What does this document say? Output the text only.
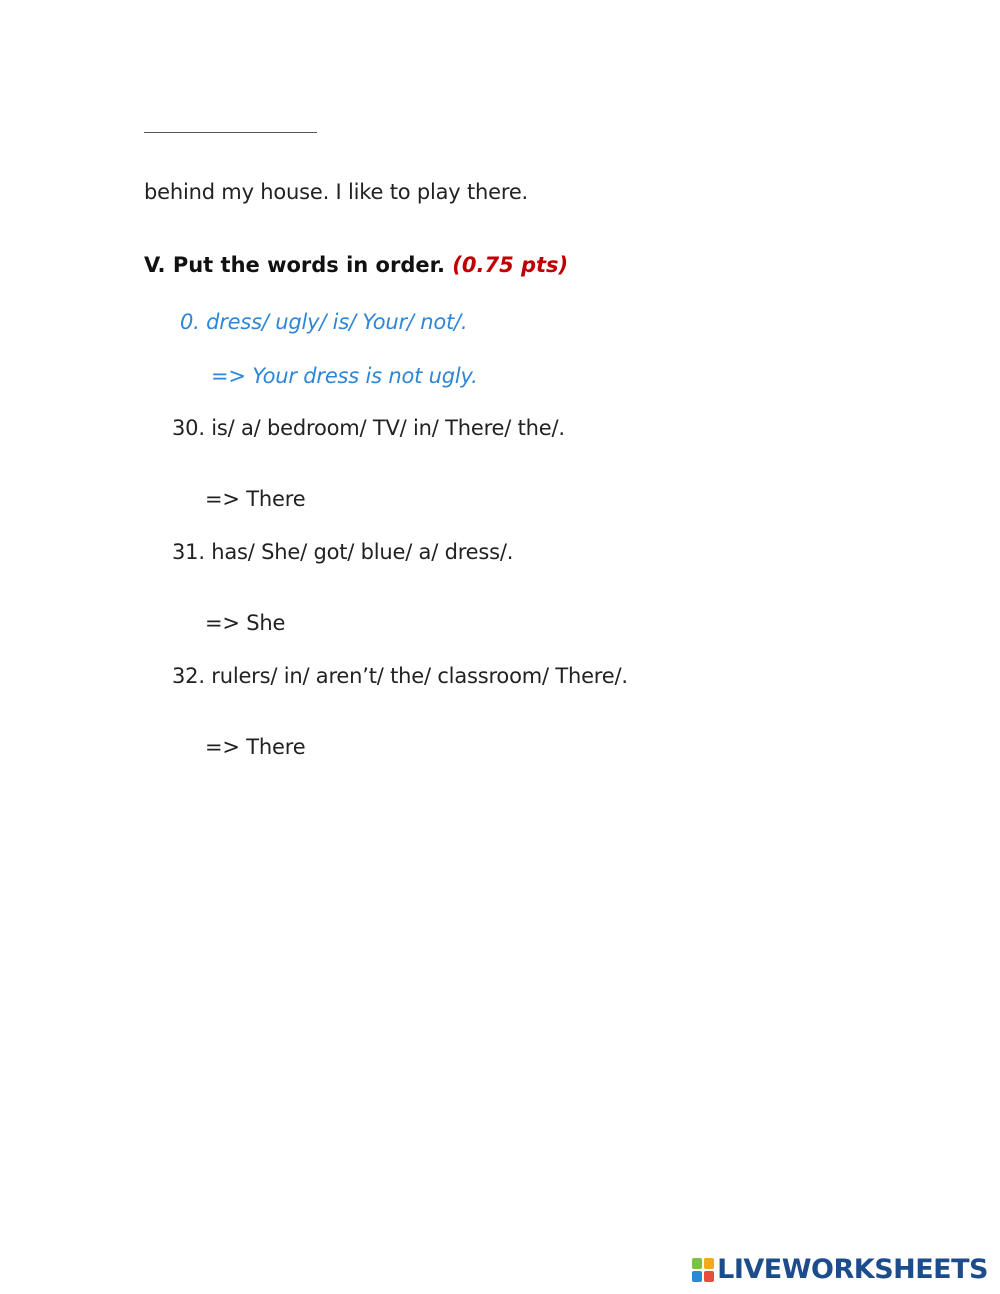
behind my house. I like to play there.
V. Put the words in order. (0.75 pts)
0. dress/ ugly/ is/ Your/ not/.
=> Your dress is not ugly.
30. is/ a/ bedroom/ TV/ in/ There/ the/.
=> There
31. has/ She/ got/ blue/ a/ dress/.
=> She
32. rulers/ in/ aren’t/ the/ classroom/ There/.
=> There
LIVEWORKSHEETS
